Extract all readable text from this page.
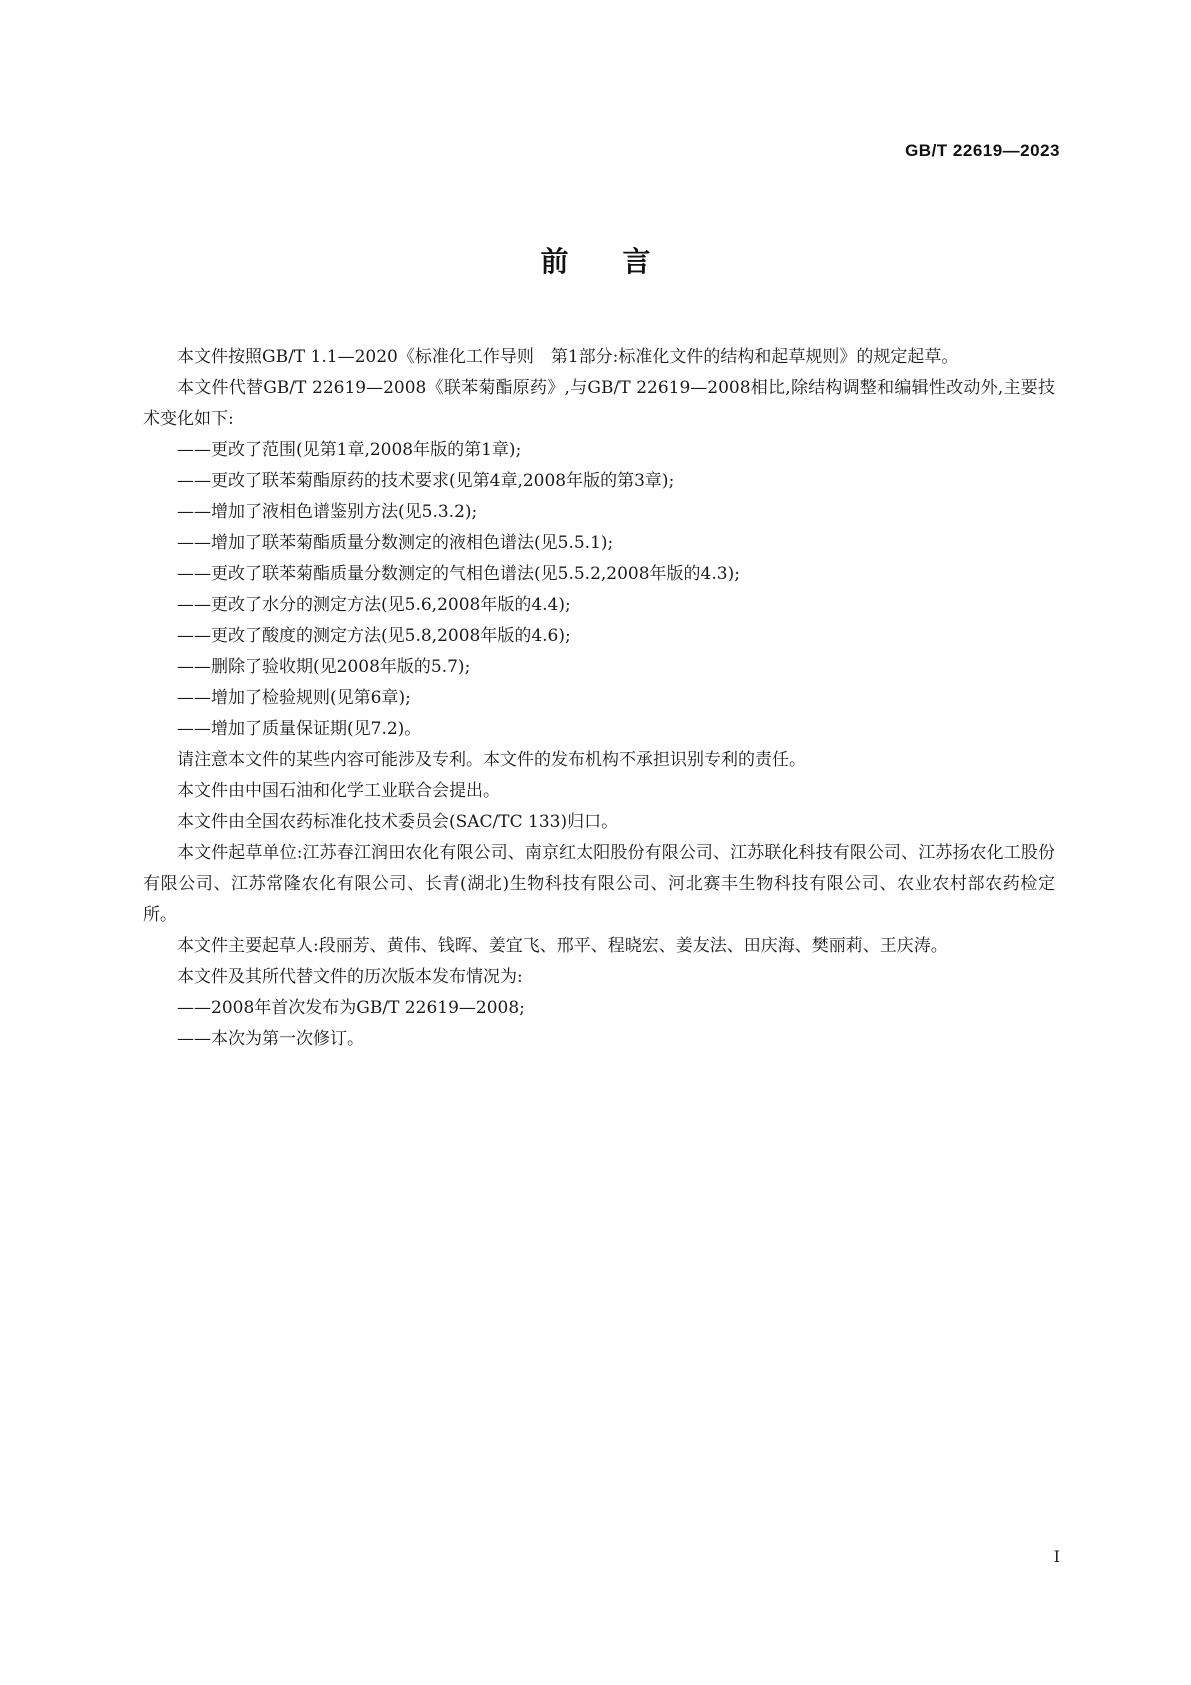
GB/T 22619—2023
前言

本文件按照GB/T 1.1—2020《标准化工作导则　第1部分:标准化文件的结构和起草规则》的规定起草。

本文件代替GB/T 22619—2008《联苯菊酯原药》,与GB/T 22619—2008相比,除结构调整和编辑性改动外,主要技术变化如下:

——更改了范围(见第1章,2008年版的第1章);

——更改了联苯菊酯原药的技术要求(见第4章,2008年版的第3章);

——增加了液相色谱鉴别方法(见5.3.2);

——增加了联苯菊酯质量分数测定的液相色谱法(见5.5.1);

——更改了联苯菊酯质量分数测定的气相色谱法(见5.5.2,2008年版的4.3);

——更改了水分的测定方法(见5.6,2008年版的4.4);

——更改了酸度的测定方法(见5.8,2008年版的4.6);

——删除了验收期(见2008年版的5.7);

——增加了检验规则(见第6章);

——增加了质量保证期(见7.2)。

请注意本文件的某些内容可能涉及专利。本文件的发布机构不承担识别专利的责任。

本文件由中国石油和化学工业联合会提出。

本文件由全国农药标准化技术委员会(SAC/TC 133)归口。

本文件起草单位:江苏春江润田农化有限公司、南京红太阳股份有限公司、江苏联化科技有限公司、江苏扬农化工股份有限公司、江苏常隆农化有限公司、长青(湖北)生物科技有限公司、河北赛丰生物科技有限公司、农业农村部农药检定所。

本文件主要起草人:段丽芳、黄伟、钱晖、姜宜飞、邢平、程晓宏、姜友法、田庆海、樊丽莉、王庆涛。

本文件及其所代替文件的历次版本发布情况为:

——2008年首次发布为GB/T 22619—2008;

——本次为第一次修订。

I
